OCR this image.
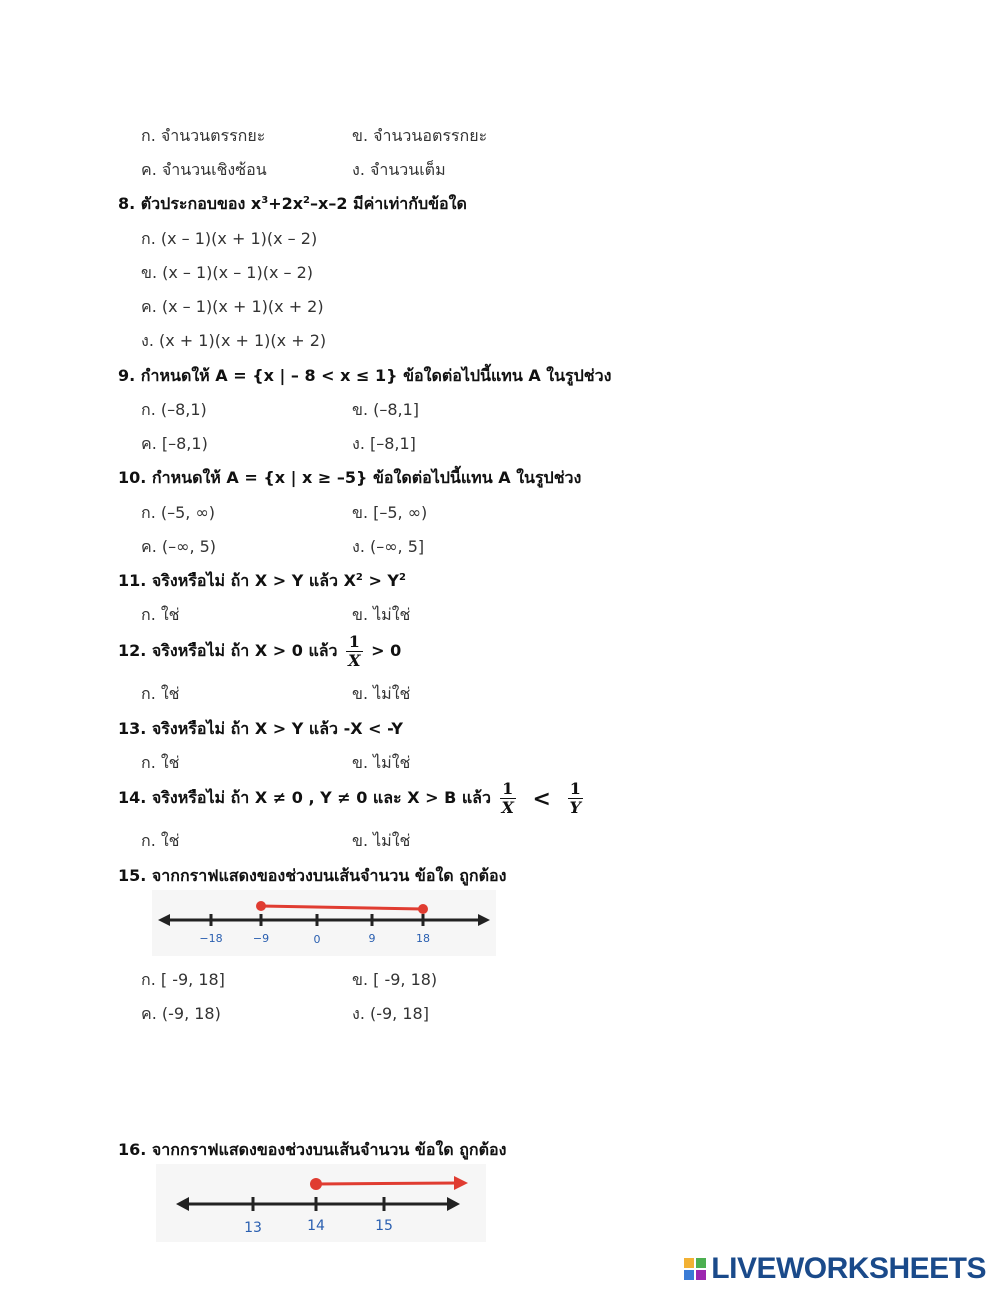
ก. จำนวนตรรกยะ	ข. จำนวนอตรรกยะ
ค. จำนวนเชิงซ้อน	ง. จำนวนเต็ม
8. ตัวประกอบของ $x^3+2x^2-x-2$ มีค่าเท่ากับข้อใด
ก. (x – 1)(x + 1)(x – 2)
ข. (x – 1)(x – 1)(x – 2)
ค. (x – 1)(x + 1)(x + 2)
ง. (x + 1)(x + 1)(x + 2)
9. กำหนดให้ A = {x | – 8 < x ≤ 1} ข้อใดต่อไปนี้แทน A ในรูปช่วง
ก. (–8,1)	ข. (–8,1]
ค. [–8,1)	ง. [–8,1]
10. กำหนดให้ A = {x | x ≥ –5} ข้อใดต่อไปนี้แทน A ในรูปช่วง
ก. (–5, ∞)	ข. [–5, ∞)
ค. (–∞, 5)	ง. (–∞, 5]
11. จริงหรือไม่ ถ้า X > Y แล้ว $X^2 > Y^2$
ก. ใช่	ข. ไม่ใช่
12. จริงหรือไม่ ถ้า X > 0 แล้ว $\frac{1}{X} > 0$
ก. ใช่	ข. ไม่ใช่
13. จริงหรือไม่ ถ้า X > Y แล้ว -X < -Y
ก. ใช่	ข. ไม่ใช่
14. จริงหรือไม่ ถ้า X ≠ 0 , Y ≠ 0 และ X > B แล้ว $\frac{1}{X} < \frac{1}{Y}$
ก. ใช่	ข. ไม่ใช่
15. จากกราฟแสดงของช่วงบนเส้นจำนวน ข้อใด ถูกต้อง
−18	−9	0	9	18
ก. [ -9, 18]	ข. [ -9, 18)
ค. (-9, 18)	ง. (-9, 18]
16. จากกราฟแสดงของช่วงบนเส้นจำนวน ข้อใด ถูกต้อง
13	14	15
LIVEWORKSHEETS
